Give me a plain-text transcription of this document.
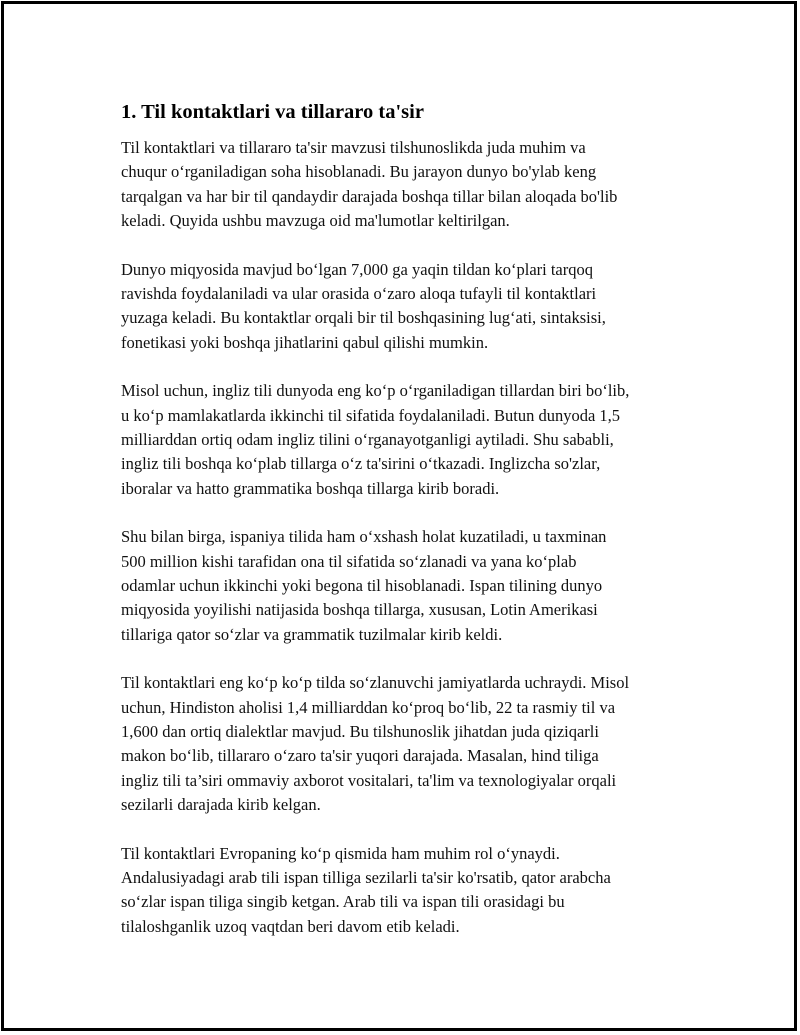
1. Til kontaktlari va tillararo ta'sir

Til kontaktlari va tillararo ta'sir mavzusi tilshunoslikda juda muhim va
chuqur o‘rganiladigan soha hisoblanadi. Bu jarayon dunyo bo'ylab keng
tarqalgan va har bir til qandaydir darajada boshqa tillar bilan aloqada bo'lib
keladi. Quyida ushbu mavzuga oid ma'lumotlar keltirilgan.

Dunyo miqyosida mavjud bo‘lgan 7,000 ga yaqin tildan ko‘plari tarqoq
ravishda foydalaniladi va ular orasida o‘zaro aloqa tufayli til kontaktlari
yuzaga keladi. Bu kontaktlar orqali bir til boshqasining lug‘ati, sintaksisi,
fonetikasi yoki boshqa jihatlarini qabul qilishi mumkin.

Misol uchun, ingliz tili dunyoda eng ko‘p o‘rganiladigan tillardan biri bo‘lib,
u ko‘p mamlakatlarda ikkinchi til sifatida foydalaniladi. Butun dunyoda 1,5
milliarddan ortiq odam ingliz tilini o‘rganayotganligi aytiladi. Shu sababli,
ingliz tili boshqa ko‘plab tillarga o‘z ta'sirini o‘tkazadi. Inglizcha so'zlar,
iboralar va hatto grammatika boshqa tillarga kirib boradi.

Shu bilan birga, ispaniya tilida ham o‘xshash holat kuzatiladi, u taxminan
500 million kishi tarafidan ona til sifatida so‘zlanadi va yana ko‘plab
odamlar uchun ikkinchi yoki begona til hisoblanadi. Ispan tilining dunyo
miqyosida yoyilishi natijasida boshqa tillarga, xususan, Lotin Amerikasi
tillariga qator so‘zlar va grammatik tuzilmalar kirib keldi.

Til kontaktlari eng ko‘p ko‘p tilda so‘zlanuvchi jamiyatlarda uchraydi. Misol
uchun, Hindiston aholisi 1,4 milliarddan ko‘proq bo‘lib, 22 ta rasmiy til va
1,600 dan ortiq dialektlar mavjud. Bu tilshunoslik jihatdan juda qiziqarli
makon bo‘lib, tillararo o‘zaro ta'sir yuqori darajada. Masalan, hind tiliga
ingliz tili ta’siri ommaviy axborot vositalari, ta'lim va texnologiyalar orqali
sezilarli darajada kirib kelgan.

Til kontaktlari Evropaning ko‘p qismida ham muhim rol o‘ynaydi.
Andalusiyadagi arab tili ispan tilliga sezilarli ta'sir ko'rsatib, qator arabcha
so‘zlar ispan tiliga singib ketgan. Arab tili va ispan tili orasidagi bu
tilaloshganlik uzoq vaqtdan beri davom etib keladi.
